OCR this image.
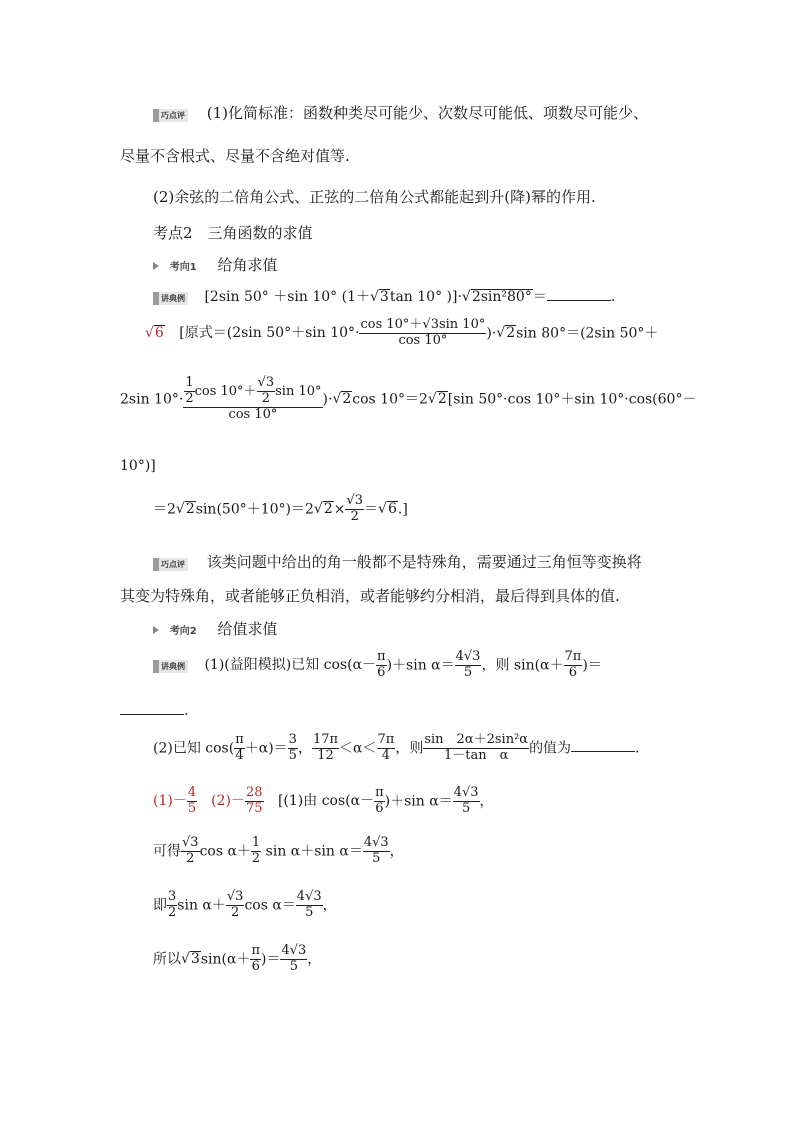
巧点评 (1)化简标准：函数种类尽可能少、次数尽可能低、项数尽可能少、
尽量不含根式、尽量不含绝对值等.
(2)余弦的二倍角公式、正弦的二倍角公式都能起到升(降)幂的作用.
考点2　三角函数的求值
考向1 给角求值
讲典例 [2sin 50° ＋sin 10° (1＋ √ 3tan 10° )]· √ 2sin²80°＝	.
√ 6 [原式＝(2sin 50°＋sin $10^\circ\cdot \frac{\cos 10^\circ+√3\sin 10^\circ}{\cos 10^\circ}$ )· √ 2sin 80°＝(2sin 50°＋
2sin $10^\circ\cdot \frac{\frac{1}{2} \cos 10^\circ+ \frac{√3}{2} \sin 10^\circ}{\cos 10^\circ}$ )· √ 2cos 10°＝2 √ 2[sin 50°·cos 10°＋sin 10°·cos(60°－
10°)]
＝2 √ 2sin(50°＋10°)＝2 √ $2\times \frac{√3}{2}$ ＝ √ 6.]
巧点评 该类问题中给出的角一般都不是特殊角，需要通过三角恒等变换将
其变为特殊角，或者能够正负相消，或者能够约分相消，最后得到具体的值.
考向2 给值求值
讲典例 (1)(益阳模拟)已知 $\cos(\alpha- \frac{\pi}{6} )+\sin$ $\alpha= \frac{4√3}{5}$ ，则 $\sin(\alpha+ \frac{7\pi}{6}$ )＝
.
(2)已知 $\cos( \frac{\pi}{4} +\alpha)= \frac{3}{5}$ ， $\frac{17\pi}{12} <\alpha< \frac{7\pi}{4}$ ，则 $\frac{\text{sin　2α＋2sin²α}}{\text{1－tan　α}}$ 的值为	.
$(1)- \frac{4}{5}$
　 $(2)- \frac{28}{75} [(1)$由 $\cos(\alpha- \frac{\pi}{6} )+\sin$ $\alpha= \frac{4√3}{5}$ ，
可得 $\frac{√3}{2}$ $\cos \alpha+ \frac{1}{2}$ sin α＋sin $\alpha= \frac{4√3}{5}$ ，
即 $\frac{3}{2}$ $\sin \alpha+ \frac{√3}{2}$ $\cos \alpha= \frac{4√3}{5}$ ，
所以 √ $3\sin(\alpha+ \frac{\pi}{6}$ )＝ $\frac{4√3}{5}$ ，
